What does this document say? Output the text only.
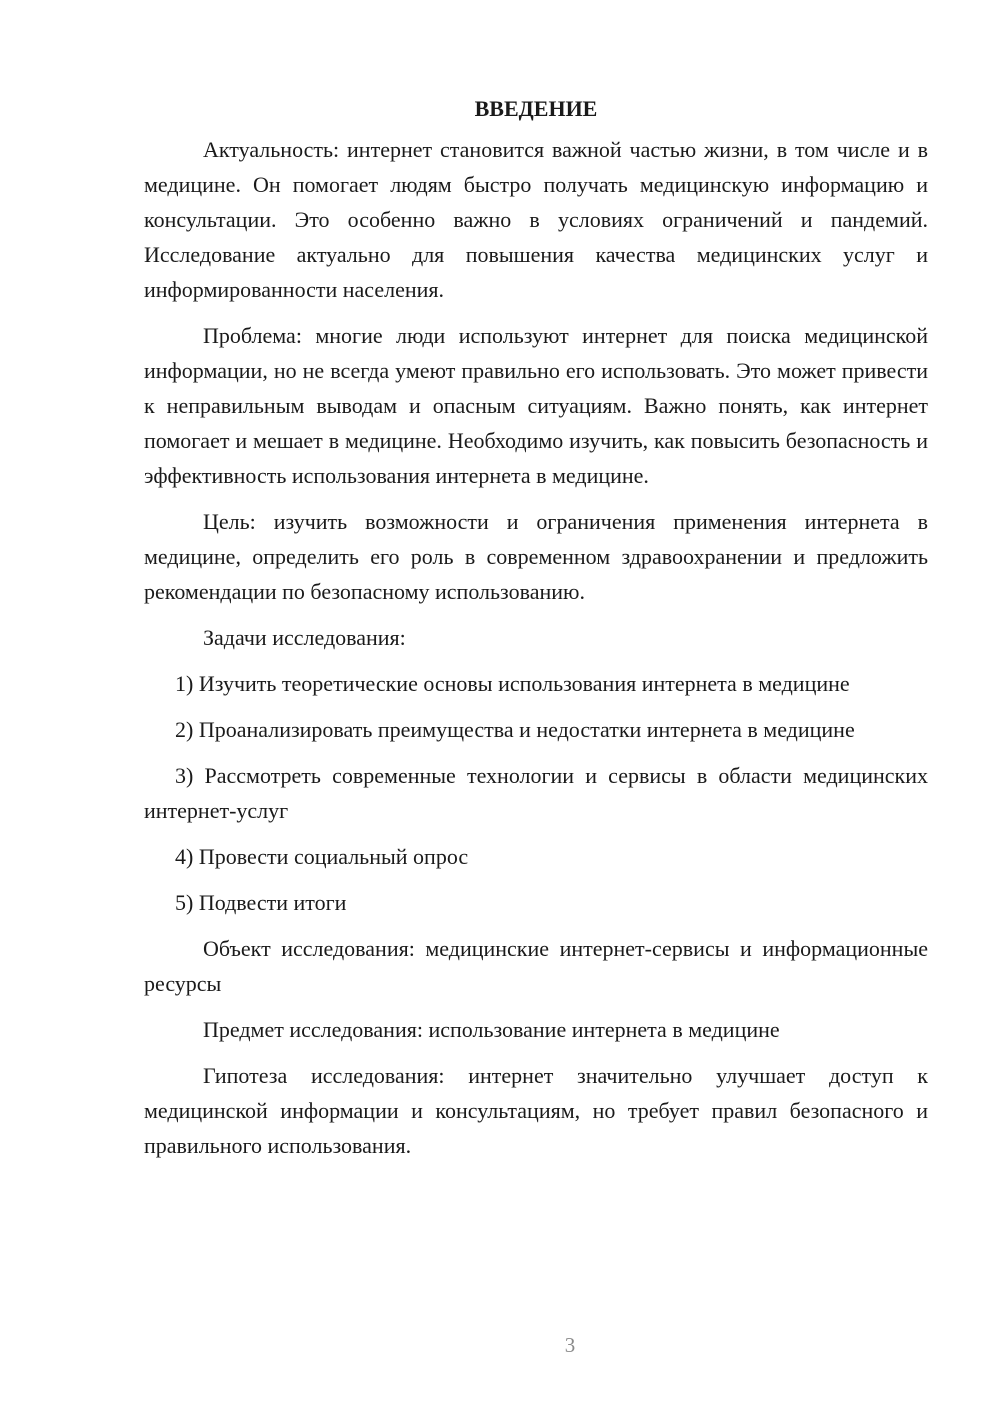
ВВЕДЕНИЕ

Актуальность: интернет становится важной частью жизни, в том числе и в медицине. Он помогает людям быстро получать медицинскую информацию и консультации. Это особенно важно в условиях ограничений и пандемий. Исследование актуально для повышения качества медицинских услуг и информированности населения.

Проблема: многие люди используют интернет для поиска медицинской информации, но не всегда умеют правильно его использовать. Это может привести к неправильным выводам и опасным ситуациям. Важно понять, как интернет помогает и мешает в медицине. Необходимо изучить, как повысить безопасность и эффективность использования интернета в медицине.

Цель: изучить возможности и ограничения применения интернета в медицине, определить его роль в современном здравоохранении и предложить рекомендации по безопасному использованию.

Задачи исследования:

1) Изучить теоретические основы использования интернета в медицине

2) Проанализировать преимущества и недостатки интернета в медицине

3) Рассмотреть современные технологии и сервисы в области медицинских интернет-услуг

4) Провести социальный опрос

5) Подвести итоги

Объект исследования: медицинские интернет-сервисы и информационные ресурсы

Предмет исследования: использование интернета в медицине

Гипотеза исследования: интернет значительно улучшает доступ к медицинской информации и консультациям, но требует правил безопасного и правильного использования.

3
